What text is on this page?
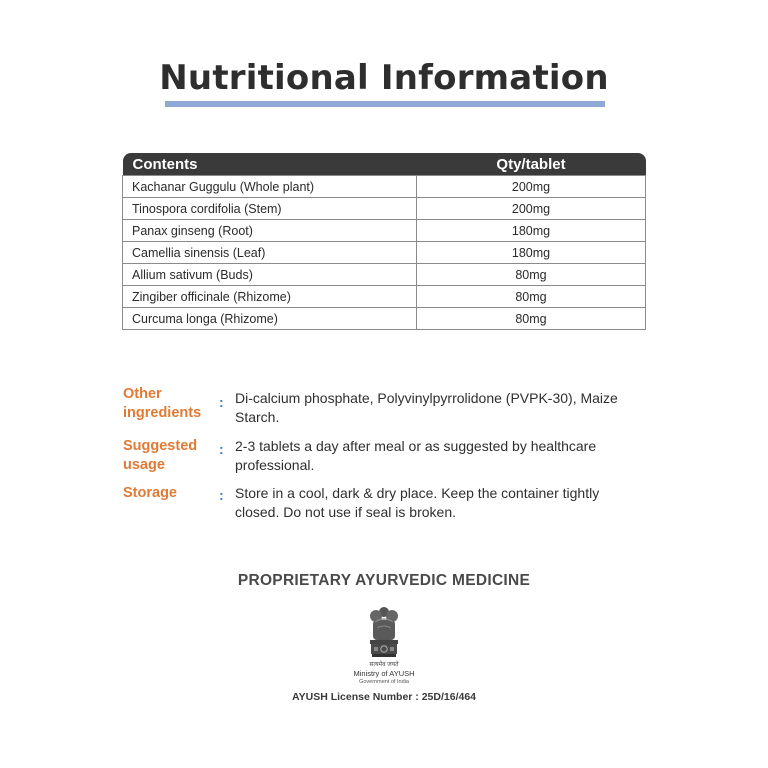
Nutritional Information
Contents	Qty/tablet
Kachanar Guggulu (Whole plant)	200mg
Tinospora cordifolia (Stem)	200mg
Panax ginseng (Root)	180mg
Camellia sinensis (Leaf)	180mg
Allium sativum (Buds)	80mg
Zingiber officinale (Rhizome)	80mg
Curcuma longa (Rhizome)	80mg
Other ingredients
: Di-calcium phosphate, Polyvinylpyrrolidone (PVPK-30), Maize Starch.
Suggested usage
: 2-3 tablets a day after meal or as suggested by healthcare professional.
Storage	: Store in a cool, dark & dry place. Keep the container tightly closed. Do not use if seal is broken.
PROPRIETARY AYURVEDIC MEDICINE
सत्यमेव जयते
Ministry of AYUSH
Government of India
AYUSH License Number : 25D/16/464
